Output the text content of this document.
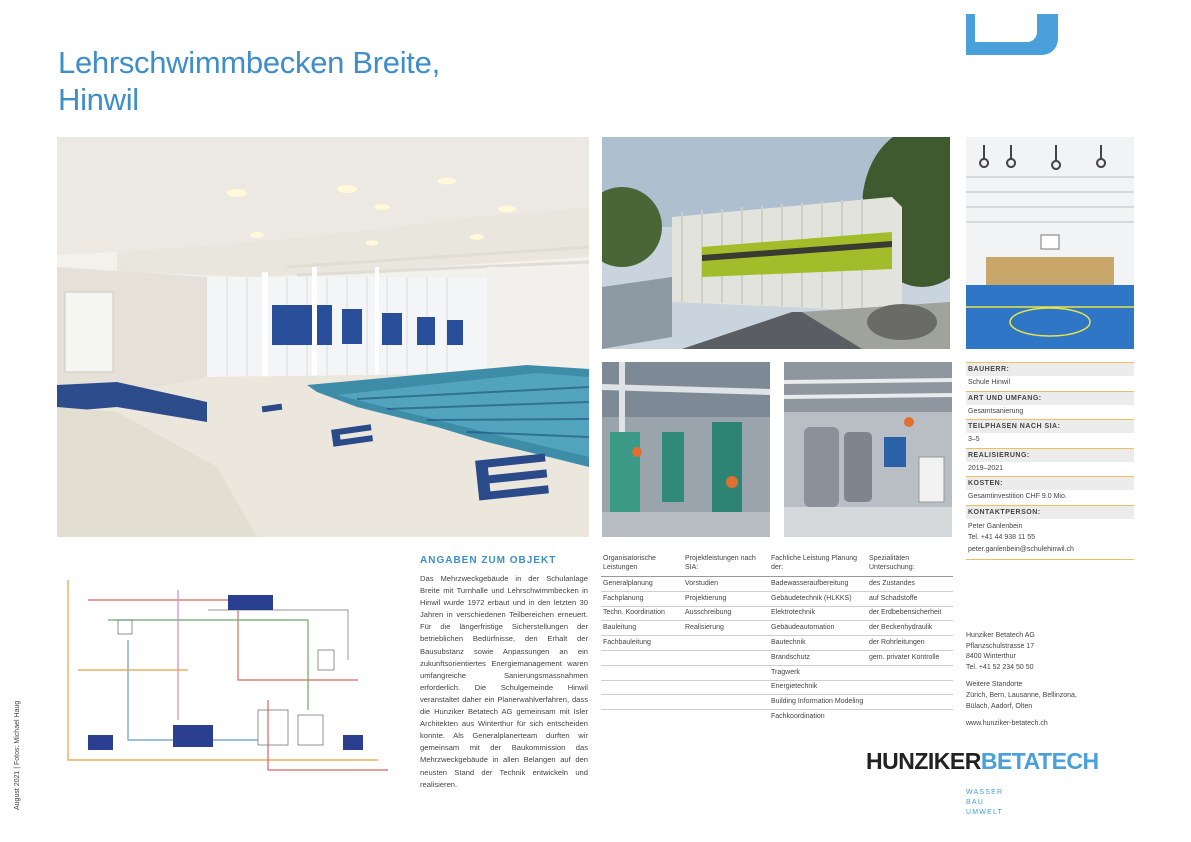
Lehrschwimmbecken Breite,
Hinwil
August 2021 | Fotos: Michael Haug
ANGABEN ZUM OBJEKT
Das Mehrzweckgebäude in der Schulanlage Breite mit Turnhalle und Lehrschwimmbecken in Hinwil wurde 1972 erbaut und in den letzten 30 Jahren in verschiedenen Teilbereichen erneuert. Für die längerfristige Sicherstellungen der betrieblichen Bedürfnisse, den Erhalt der Bausubstanz sowie Anpassungen an ein zukunftsorientiertes Energiemanagement waren umfangreiche Sanierungsmassnahmen erforderlich. Die Schulgemeinde Hinwil veranstaltet daher ein Planerwahlverfahren, dass die Hunziker Betatech AG gemeinsam mit Isler Architekten aus Winterthur für sich entscheiden konnte. Als Generalplanerteam durften wir gemeinsam mit der Baukommission das Mehrzweckgebäude in allen Belangen auf den neusten Stand der Technik entwickeln und realisieren.
Organisatorische Leistungen	Projektleistungen nach SIA:	Fachliche Leistung Planung der:	Spezialitäten Untersuchung:
Generalplanung	Vorstudien	Badewasseraufbereitung	des Zustandes
Fachplanung	Projektierung	Gebäudetechnik (HLKKS)	auf Schadstoffe
Techn. Koordination	Ausschreibung	Elektrotechnik	der Erdbebensicherheit
Bauleitung	Realisierung	Gebäudeautomation	der Beckenhydraulik
Fachbauleitung		Bautechnik	der Rohrleitungen
		Brandschutz	gem. privater Kontrolle
		Tragwerk	
		Energietechnik	
		Building Information Modeling	
		Fachkoordination	
BAUHERR:
Schule Hinwil
ART UND UMFANG:
Gesamtsanierung
TEILPHASEN NACH SIA:
3–5
REALISIERUNG:
2019–2021
KOSTEN:
Gesamtinvestition CHF 9.0 Mio.
KONTAKTPERSON:
Peter Ganlenbein
Tel. +41 44 938 11 55
peter.ganlenbein@schulehinwil.ch
Hunziker Betatech AG
Pflanzschulstrasse 17
8400 Winterthur
Tel. +41 52 234 50 50
Weitere Standorte
Zürich, Bern, Lausanne, Bellinzona,
Bülach, Aadorf, Olten
www.hunziker-betatech.ch
HUNZIKERBETATECH
WASSER
BAU
UMWELT
